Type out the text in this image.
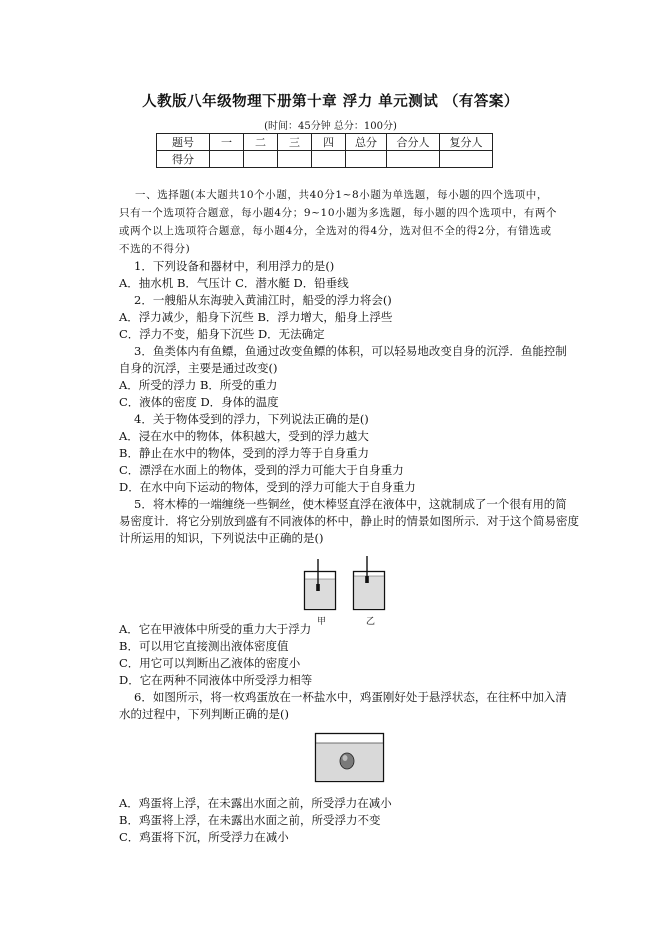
人教版八年级物理下册第十章 浮力 单元测试 （有答案）
(时间：45分钟 总分：100分)
题号	一	二	三	四	总分	合分人	复分人
得分							
一、选择题(本大题共10个小题，共40分1~8小题为单选题，每小题的四个选项中，
只有一个选项符合题意，每小题4分；9~10小题为多选题，每小题的四个选项中，有两个
或两个以上选项符合题意，每小题4分，全选对的得4分，选对但不全的得2分，有错选或
不选的不得分)
1．下列设备和器材中，利用浮力的是()
A．抽水机 B．气压计 C．潜水艇 D．铅垂线
2．一艘船从东海驶入黄浦江时，船受的浮力将会()
A．浮力减少，船身下沉些 B．浮力增大，船身上浮些
C．浮力不变，船身下沉些 D．无法确定
3．鱼类体内有鱼鳔，鱼通过改变鱼鳔的体积，可以轻易地改变自身的沉浮．鱼能控制
自身的沉浮，主要是通过改变()
A．所受的浮力 B．所受的重力
C．液体的密度 D．身体的温度
4．关于物体受到的浮力，下列说法正确的是()
A．浸在水中的物体，体积越大，受到的浮力越大
B．静止在水中的物体，受到的浮力等于自身重力
C．漂浮在水面上的物体，受到的浮力可能大于自身重力
D．在水中向下运动的物体，受到的浮力可能大于自身重力
5．将木棒的一端缠绕一些铜丝，使木棒竖直浮在液体中，这就制成了一个很有用的简
易密度计．将它分别放到盛有不同液体的杯中，静止时的情景如图所示．对于这个简易密度
计所运用的知识，下列说法中正确的是()
甲	乙
A．它在甲液体中所受的重力大于浮力
B．可以用它直接测出液体密度值
C．用它可以判断出乙液体的密度小
D．它在两种不同液体中所受浮力相等
6．如图所示，将一枚鸡蛋放在一杯盐水中，鸡蛋刚好处于悬浮状态，在往杯中加入清
水的过程中，下列判断正确的是()
A．鸡蛋将上浮，在未露出水面之前，所受浮力在减小
B．鸡蛋将上浮，在未露出水面之前，所受浮力不变
C．鸡蛋将下沉，所受浮力在减小
